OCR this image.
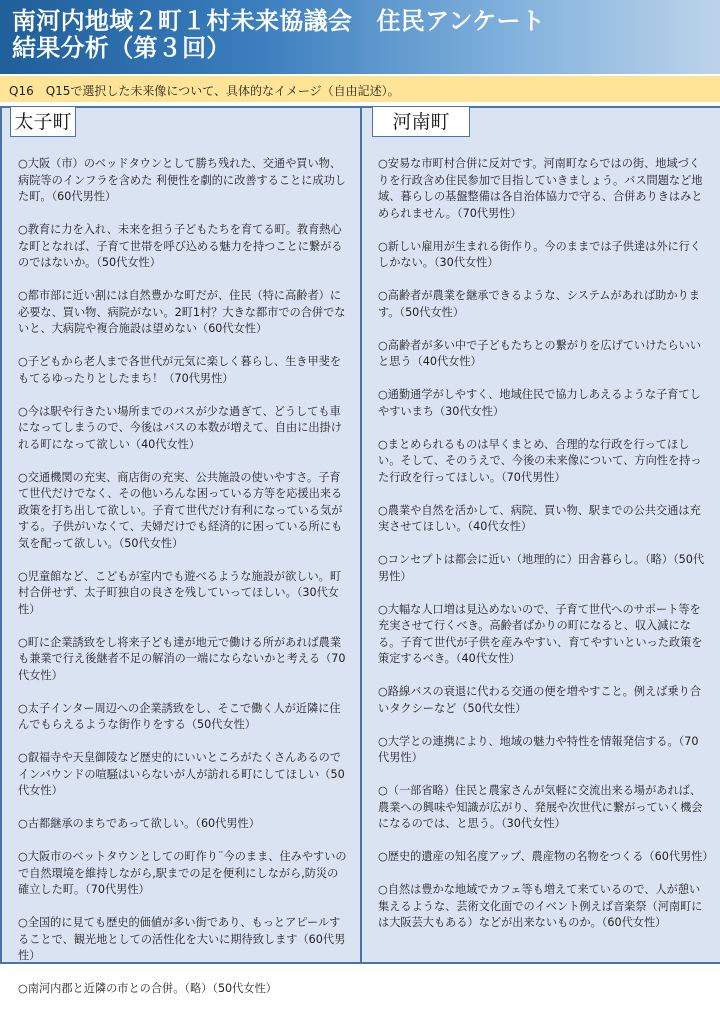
南河内地域２町１村未来協議会　住民アンケート
結果分析（第３回）
Q16　Q15で選択した未来像について、具体的なイメージ（自由記述）。
太子町
○大阪（市）のベッドタウンとして勝ち残れた、交通や買い物、病院等のインフラを含めた 利便性を劇的に改善することに成功した町。（60代男性）
○教育に力を入れ、未来を担う子どもたちを育てる町。教育熱心な町となれば、子育て世帯を呼び込める魅力を持つことに繋がるのではないか。（50代女性）
○都市部に近い割には自然豊かな町だが、住民（特に高齢者）に必要な、買い物、病院がない。2町1村？大きな都市での合併でないと、大病院や複合施設は望めない（60代女性）
○子どもから老人まで各世代が元気に楽しく暮らし、生き甲斐をもてるゆったりとしたまち！（70代男性）
○今は駅や行きたい場所までのバスが少な過ぎて、どうしても車になってしまうので、今後はバスの本数が増えて、自由に出掛けれる町になって欲しい（40代女性）
○交通機関の充実、商店街の充実、公共施設の使いやすさ。子育て世代だけでなく、その他いろんな困っている方等を応援出来る政策を打ち出して欲しい。子育て世代だけ有利になっている気がする。子供がいなくて、夫婦だけでも経済的に困っている所にも気を配って欲しい。（50代女性）
○児童館など、こどもが室内でも遊べるような施設が欲しい。町村合併せず、太子町独自の良さを残していってほしい。（30代女性）
○町に企業誘致をし将来子ども達が地元で働ける所があれば農業も兼業で行え後継者不足の解消の一端にならないかと考える（70代女性）
○太子インター周辺への企業誘致をし、そこで働く人が近隣に住んでもらえるような街作りをする（50代女性）
○叡福寺や天皇御陵など歴史的にいいところがたくさんあるのでインバウンドの喧騒はいらないが人が訪れる町にしてほしい（50代女性）
○古都継承のまちであって欲しい。（60代男性）
○大阪市のベットタウンとしての町作り¨今のまま、住みやすいので自然環境を維持しながら,駅までの足を便利にしながら,防災の確立した町。（70代男性）
○全国的に見ても歴史的価値が多い街であり、もっとアピールすることで、観光地としての活性化を大いに期待致します（60代男性）
○南河内郡と近隣の市との合併。（略）（50代女性）
河南町
○安易な市町村合併に反対です。河南町ならではの街、地域づくりを行政含め住民参加で目指していきましょう。バス問題など地域、暮らしの基盤整備は各自治体協力で守る、合併ありきはみとめられません。（70代男性）
○新しい雇用が生まれる街作り。今のままでは子供達は外に行くしかない。（30代女性）
○高齢者が農業を継承できるような、システムがあれば助かります。（50代女性）
○高齢者が多い中で子どもたちとの繋がりを広げていけたらいいと思う（40代女性）
○通勤通学がしやすく、地域住民で協力しあえるような子育てしやすいまち（30代女性）
○まとめられるものは早くまとめ、合理的な行政を行ってほしい。そして、そのうえで、今後の未来像について、方向性を持った行政を行ってほしい。（70代男性）
○農業や自然を活かして、病院、買い物、駅までの公共交通は充実させてほしい。（40代女性）
○コンセプトは都会に近い（地理的に）田舎暮らし。（略）（50代男性）
○大幅な人口増は見込めないので、子育て世代へのサポート等を充実させて行くべき。高齢者ばかりの町になると、収入減になる。子育て世代が子供を産みやすい、育てやすいといった政策を策定するべき。（40代女性）
○路線バスの衰退に代わる交通の便を増やすこと。例えば乗り合いタクシーなど（50代女性）
○大学との連携により、地域の魅力や特性を情報発信する。（70代男性）
○（一部省略）住民と農家さんが気軽に交流出来る場があれば、農業への興味や知識が広がり、発展や次世代に繋がっていく機会になるのでは、と思う。（30代女性）
○歴史的遺産の知名度アップ、農産物の名物をつくる（60代男性）
○自然は豊かな地域でカフェ等も増えて来ているので、人が憩い集えるような、芸術文化面でのイベント例えば音楽祭（河南町には大阪芸大もある）などが出来ないものか。（60代女性）
